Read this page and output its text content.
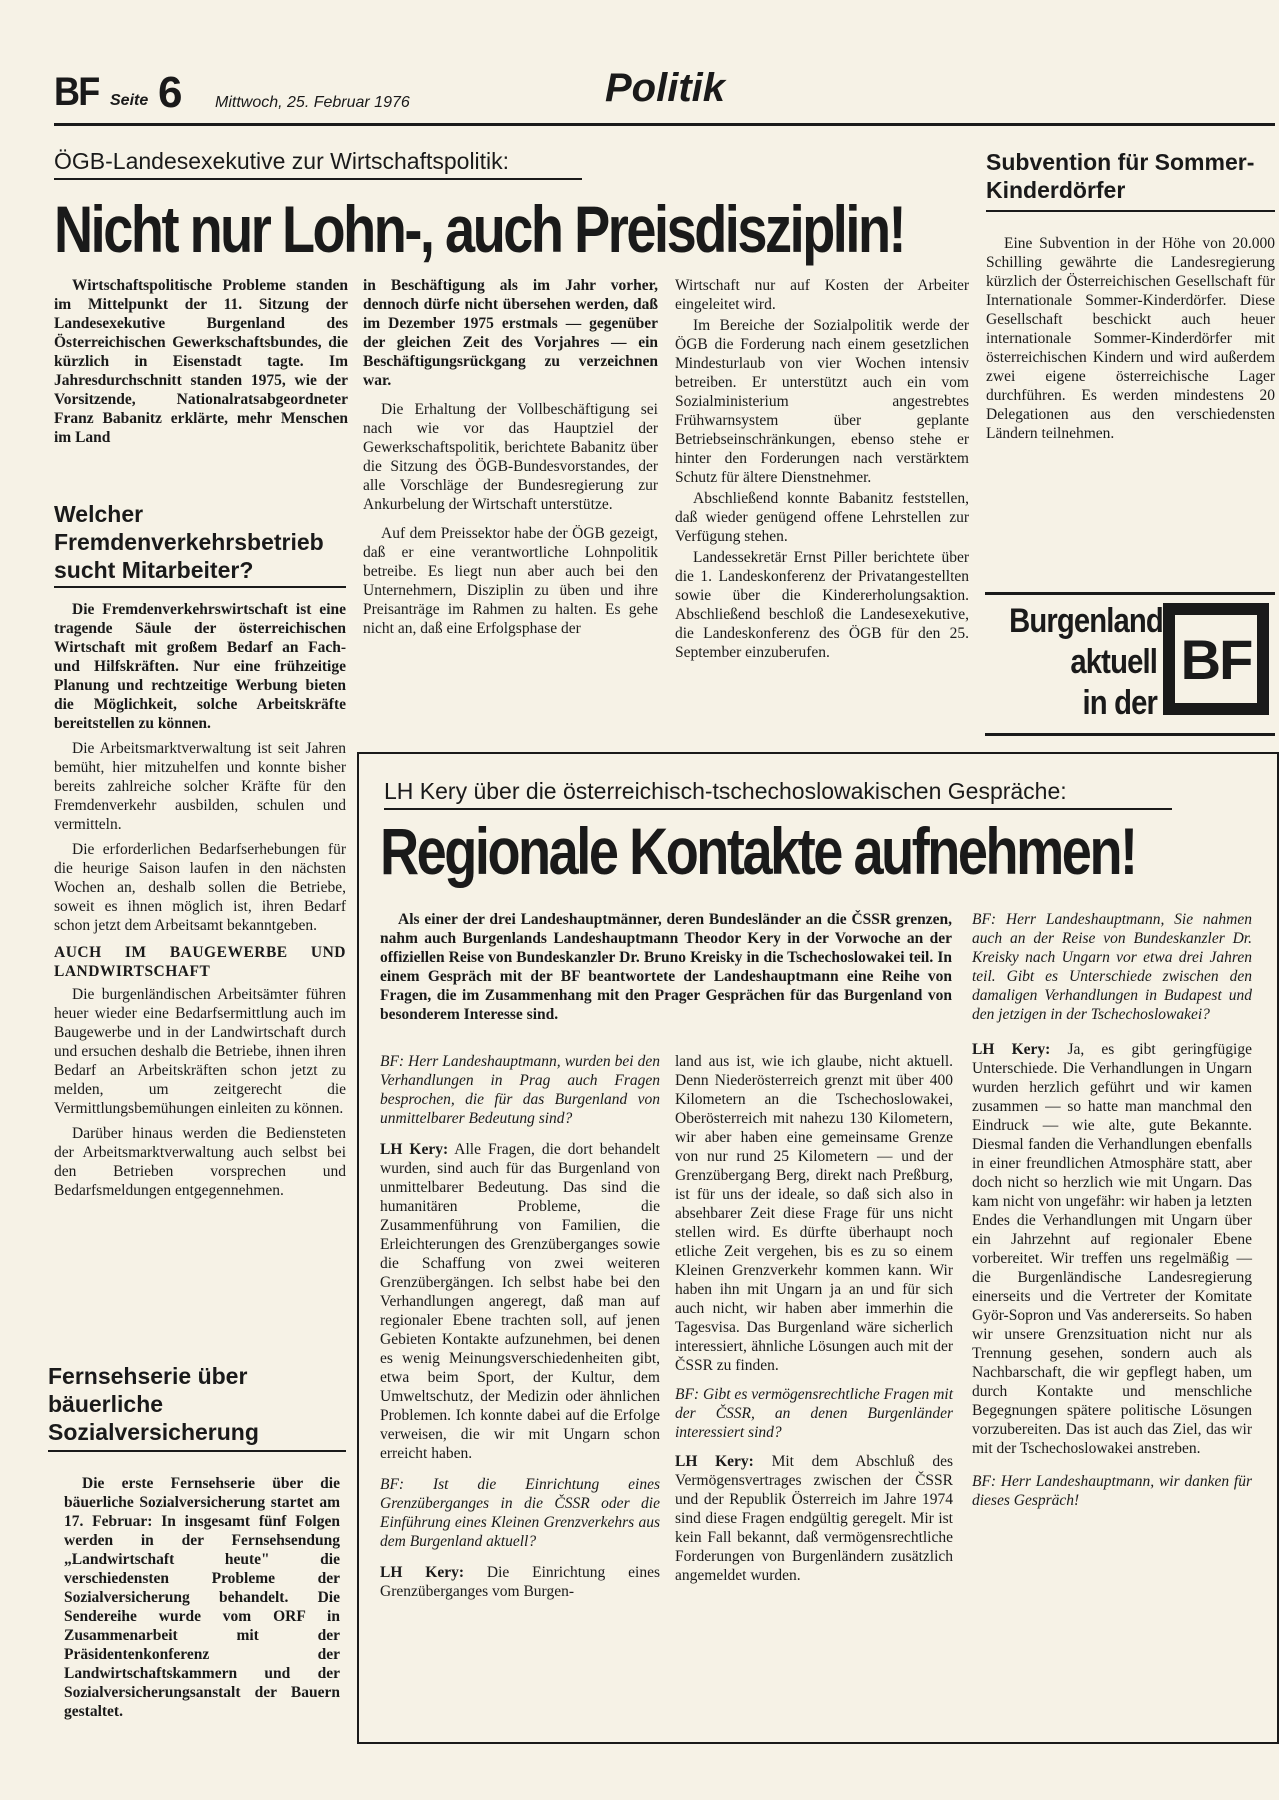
BF Seite 6 Mittwoch, 25. Februar 1976	Politik
ÖGB-Landesexekutive zur Wirtschaftspolitik:
Nicht nur Lohn-, auch Preisdisziplin!

Wirtschaftspolitische Probleme standen im Mittelpunkt der 11. Sitzung der Landesexekutive Burgenland des Österreichischen Gewerkschaftsbundes, die kürzlich in Eisenstadt tagte. Im Jahresdurchschnitt standen 1975, wie der Vorsitzende, Nationalratsabgeordneter Franz Babanitz erklärte, mehr Menschen im Land

in Beschäftigung als im Jahr vorher, dennoch dürfe nicht übersehen werden, daß im Dezember 1975 erstmals — gegenüber der gleichen Zeit des Vorjahres — ein Beschäftigungsrückgang zu verzeichnen war.

Die Erhaltung der Vollbeschäftigung sei nach wie vor das Hauptziel der Gewerkschaftspolitik, berichtete Babanitz über die Sitzung des ÖGB-Bundesvorstandes, der alle Vorschläge der Bundesregierung zur Ankurbelung der Wirtschaft unterstütze.

Auf dem Preissektor habe der ÖGB gezeigt, daß er eine verantwortliche Lohnpolitik betreibe. Es liegt nun aber auch bei den Unternehmern, Disziplin zu üben und ihre Preisanträge im Rahmen zu halten. Es gehe nicht an, daß eine Erfolgsphase der

Wirtschaft nur auf Kosten der Arbeiter eingeleitet wird.

Im Bereiche der Sozialpolitik werde der ÖGB die Forderung nach einem gesetzlichen Mindesturlaub von vier Wochen intensiv betreiben. Er unterstützt auch ein vom Sozialministerium angestrebtes Frühwarnsystem über geplante Betriebseinschränkungen, ebenso stehe er hinter den Forderungen nach verstärktem Schutz für ältere Dienstnehmer.

Abschließend konnte Babanitz feststellen, daß wieder genügend offene Lehrstellen zur Verfügung stehen.

Landessekretär Ernst Piller berichtete über die 1. Landeskonferenz der Privatangestellten sowie über die Kindererholungsaktion. Abschließend beschloß die Landesexekutive, die Landeskonferenz des ÖGB für den 25. September einzuberufen.

Welcher Fremdenverkehrsbetrieb sucht Mitarbeiter?

Die Fremdenverkehrswirtschaft ist eine tragende Säule der österreichischen Wirtschaft mit großem Bedarf an Fach- und Hilfskräften. Nur eine frühzeitige Planung und rechtzeitige Werbung bieten die Möglichkeit, solche Arbeitskräfte bereitstellen zu können.

Die Arbeitsmarktverwaltung ist seit Jahren bemüht, hier mitzuhelfen und konnte bisher bereits zahlreiche solcher Kräfte für den Fremdenverkehr ausbilden, schulen und vermitteln.

Die erforderlichen Bedarfserhebungen für die heurige Saison laufen in den nächsten Wochen an, deshalb sollen die Betriebe, soweit es ihnen möglich ist, ihren Bedarf schon jetzt dem Arbeitsamt bekanntgeben.

AUCH IM BAUGEWERBE UND LANDWIRTSCHAFT

Die burgenländischen Arbeitsämter führen heuer wieder eine Bedarfsermittlung auch im Baugewerbe und in der Landwirtschaft durch und ersuchen deshalb die Betriebe, ihnen ihren Bedarf an Arbeitskräften schon jetzt zu melden, um zeitgerecht die Vermittlungsbemühungen einleiten zu können.

Darüber hinaus werden die Bediensteten der Arbeitsmarktverwaltung auch selbst bei den Betrieben vorsprechen und Bedarfsmeldungen entgegennehmen.

Fernsehserie über bäuerliche Sozialversicherung

Die erste Fernsehserie über die bäuerliche Sozialversicherung startet am 17. Februar: In insgesamt fünf Folgen werden in der Fernsehsendung „Landwirtschaft heute" die verschiedensten Probleme der Sozialversicherung behandelt. Die Sendereihe wurde vom ORF in Zusammenarbeit mit der Präsidentenkonferenz der Landwirtschaftskammern und der Sozialversicherungsanstalt der Bauern gestaltet.

Subvention für Sommer-Kinderdörfer

Eine Subvention in der Höhe von 20.000 Schilling gewährte die Landesregierung kürzlich der Österreichischen Gesellschaft für Internationale Sommer-Kinderdörfer. Diese Gesellschaft beschickt auch heuer internationale Sommer-Kinderdörfer mit österreichischen Kindern und wird außerdem zwei eigene österreichische Lager durchführen. Es werden mindestens 20 Delegationen aus den verschiedensten Ländern teilnehmen.

Burgenland
aktuell
in der
BF
LH Kery über die österreichisch-tschechoslowakischen Gespräche:
Regionale Kontakte aufnehmen!

Als einer der drei Landeshauptmänner, deren Bundesländer an die ČSSR grenzen, nahm auch Burgenlands Landeshauptmann Theodor Kery in der Vorwoche an der offiziellen Reise von Bundeskanzler Dr. Bruno Kreisky in die Tschechoslowakei teil. In einem Gespräch mit der BF beantwortete der Landeshauptmann eine Reihe von Fragen, die im Zusammenhang mit den Prager Gesprächen für das Burgenland von besonderem Interesse sind.

BF: Herr Landeshauptmann, wurden bei den Verhandlungen in Prag auch Fragen besprochen, die für das Burgenland von unmittelbarer Bedeutung sind?

LH Kery: Alle Fragen, die dort behandelt wurden, sind auch für das Burgenland von unmittelbarer Bedeutung. Das sind die humanitären Probleme, die Zusammenführung von Familien, die Erleichterungen des Grenzüberganges sowie die Schaffung von zwei weiteren Grenzübergängen. Ich selbst habe bei den Verhandlungen angeregt, daß man auf regionaler Ebene trachten soll, auf jenen Gebieten Kontakte aufzunehmen, bei denen es wenig Meinungsverschiedenheiten gibt, etwa beim Sport, der Kultur, dem Umweltschutz, der Medizin oder ähnlichen Problemen. Ich konnte dabei auf die Erfolge verweisen, die wir mit Ungarn schon erreicht haben.

BF: Ist die Einrichtung eines Grenzüberganges in die ČSSR oder die Einführung eines Kleinen Grenzverkehrs aus dem Burgenland aktuell?

LH Kery: Die Einrichtung eines Grenzüberganges vom Burgen-

land aus ist, wie ich glaube, nicht aktuell. Denn Niederösterreich grenzt mit über 400 Kilometern an die Tschechoslowakei, Oberösterreich mit nahezu 130 Kilometern, wir aber haben eine gemeinsame Grenze von nur rund 25 Kilometern — und der Grenzübergang Berg, direkt nach Preßburg, ist für uns der ideale, so daß sich also in absehbarer Zeit diese Frage für uns nicht stellen wird. Es dürfte überhaupt noch etliche Zeit vergehen, bis es zu so einem Kleinen Grenzverkehr kommen kann. Wir haben ihn mit Ungarn ja an und für sich auch nicht, wir haben aber immerhin die Tagesvisa. Das Burgenland wäre sicherlich interessiert, ähnliche Lösungen auch mit der ČSSR zu finden.

BF: Gibt es vermögensrechtliche Fragen mit der ČSSR, an denen Burgenländer interessiert sind?

LH Kery: Mit dem Abschluß des Vermögensvertrages zwischen der ČSSR und der Republik Österreich im Jahre 1974 sind diese Fragen endgültig geregelt. Mir ist kein Fall bekannt, daß vermögensrechtliche Forderungen von Burgenländern zusätzlich angemeldet wurden.

BF: Herr Landeshauptmann, Sie nahmen auch an der Reise von Bundeskanzler Dr. Kreisky nach Ungarn vor etwa drei Jahren teil. Gibt es Unterschiede zwischen den damaligen Verhandlungen in Budapest und den jetzigen in der Tschechoslowakei?

LH Kery: Ja, es gibt geringfügige Unterschiede. Die Verhandlungen in Ungarn wurden herzlich geführt und wir kamen zusammen — so hatte man manchmal den Eindruck — wie alte, gute Bekannte. Diesmal fanden die Verhandlungen ebenfalls in einer freundlichen Atmosphäre statt, aber doch nicht so herzlich wie mit Ungarn. Das kam nicht von ungefähr: wir haben ja letzten Endes die Verhandlungen mit Ungarn über ein Jahrzehnt auf regionaler Ebene vorbereitet. Wir treffen uns regelmäßig — die Burgenländische Landesregierung einerseits und die Vertreter der Komitate Györ-Sopron und Vas andererseits. So haben wir unsere Grenzsituation nicht nur als Trennung gesehen, sondern auch als Nachbarschaft, die wir gepflegt haben, um durch Kontakte und menschliche Begegnungen spätere politische Lösungen vorzubereiten. Das ist auch das Ziel, das wir mit der Tschechoslowakei anstreben.

BF: Herr Landeshauptmann, wir danken für dieses Gespräch!
